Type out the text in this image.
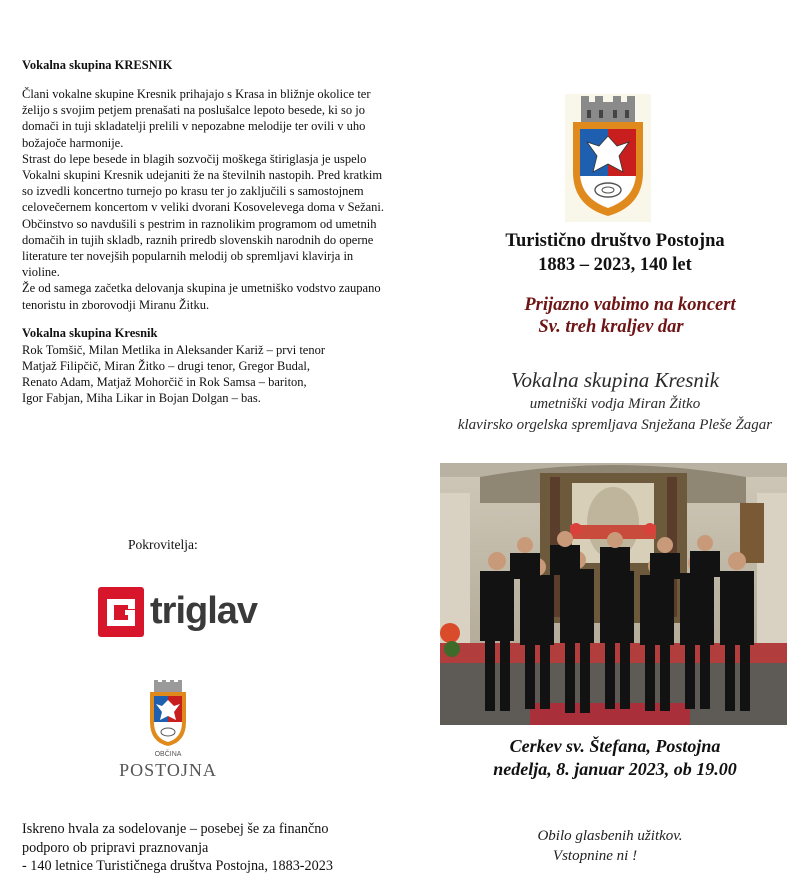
Vokalna skupina KRESNIK

Člani vokalne skupine Kresnik prihajajo s Krasa in bližnje okolice ter želijo s svojim petjem prenašati na poslušalce lepoto besede, ki so jo domači in tuji skladatelji prelili v nepozabne melodije ter ovili v uho božajoče harmonije.

Strast do lepe besede in blagih sozvočij moškega štiriglasja je uspelo Vokalni skupini Kresnik udejaniti že na številnih nastopih. Pred kratkim so izvedli koncertno turnejo po krasu ter jo zaključili s samostojnem celovečernem koncertom v veliki dvorani Kosovelevega doma v Sežani. Občinstvo so navdušili s pestrim in raznolikim programom od umetnih domačih in tujih skladb, raznih priredb slovenskih narodnih do operne literature ter novejših popularnih melodij ob spremljavi klavirja in violine.

Že od samega začetka delovanja skupina je umetniško vodstvo zaupano tenoristu in zborovodji Miranu Žitku.

Vokalna skupina Kresnik
Rok Tomšič, Milan Metlika in Aleksander Kariž – prvi tenor
Matjaž Filipčič, Miran Žitko – drugi tenor, Gregor Budal,
Renato Adam, Matjaž Mohorčič in Rok Samsa – bariton,
Igor Fabjan, Miha Likar in Bojan Dolgan – bas.
Pokrovitelja:
triglav
OBČINA
POSTOJNA
Iskreno hvala za sodelovanje – posebej še za finančno
podporo ob pripravi praznovanja
- 140 letnice Turističnega društva Postojna, 1883-2023
Turistično društvo Postojna
1883 – 2023, 140 let
Prijazno vabimo na koncert
Sv. treh kraljev dar
Vokalna skupina Kresnik
umetniški vodja Miran Žitko
klavirsko orgelska spremljava Snježana Pleše Žagar
Cerkev sv. Štefana, Postojna
nedelja, 8. januar 2023, ob 19.00
Obilo glasbenih užitkov.
Vstopnine ni !
